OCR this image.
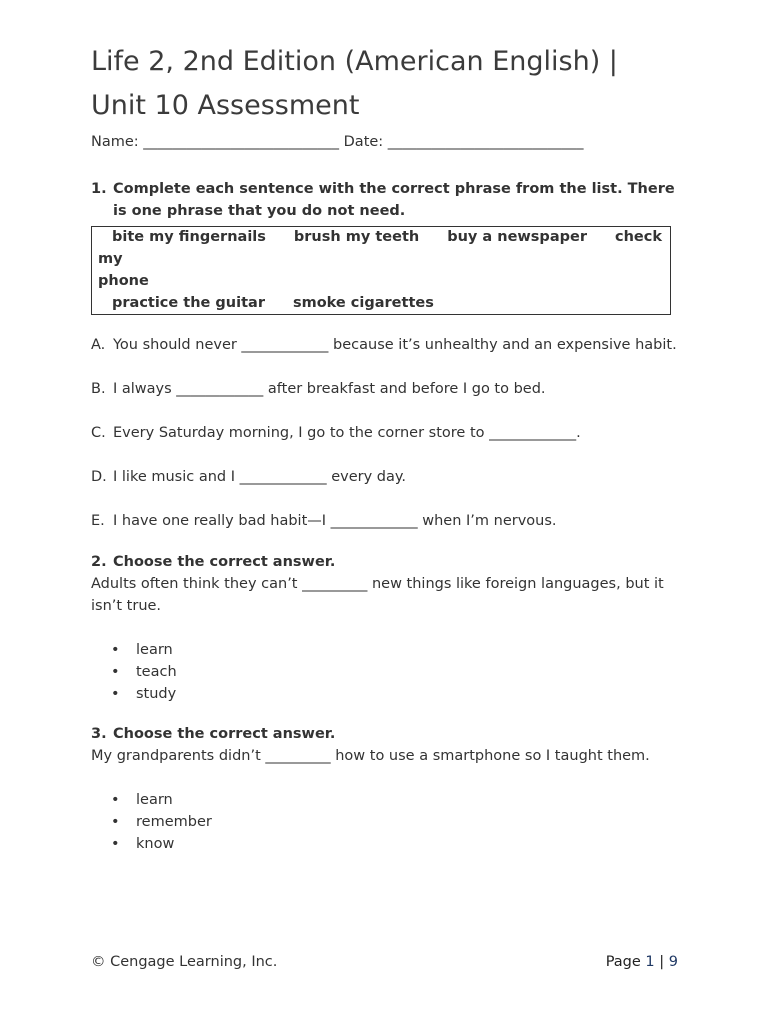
Life 2, 2nd Edition (American English) |
Unit 10 Assessment
Name: ___________________________ Date: ___________________________
1. Complete each sentence with the correct phrase from the list. There is one phrase that you do not need.
bite my fingernails brush my teeth buy a newspaper check my
phone
practice the guitar smoke cigarettes
A. You should never ____________ because it’s unhealthy and an expensive habit.
B. I always ____________ after breakfast and before I go to bed.
C. Every Saturday morning, I go to the corner store to ____________.
D. I like music and I ____________ every day.
E. I have one really bad habit—I ____________ when I’m nervous.
2. Choose the correct answer.
Adults often think they can’t _________ new things like foreign languages, but it isn’t true.
• learn
• teach
• study
3. Choose the correct answer.
My grandparents didn’t _________ how to use a smartphone so I taught them.
• learn
• remember
• know
© Cengage Learning, Inc.	Page 1 | 9
